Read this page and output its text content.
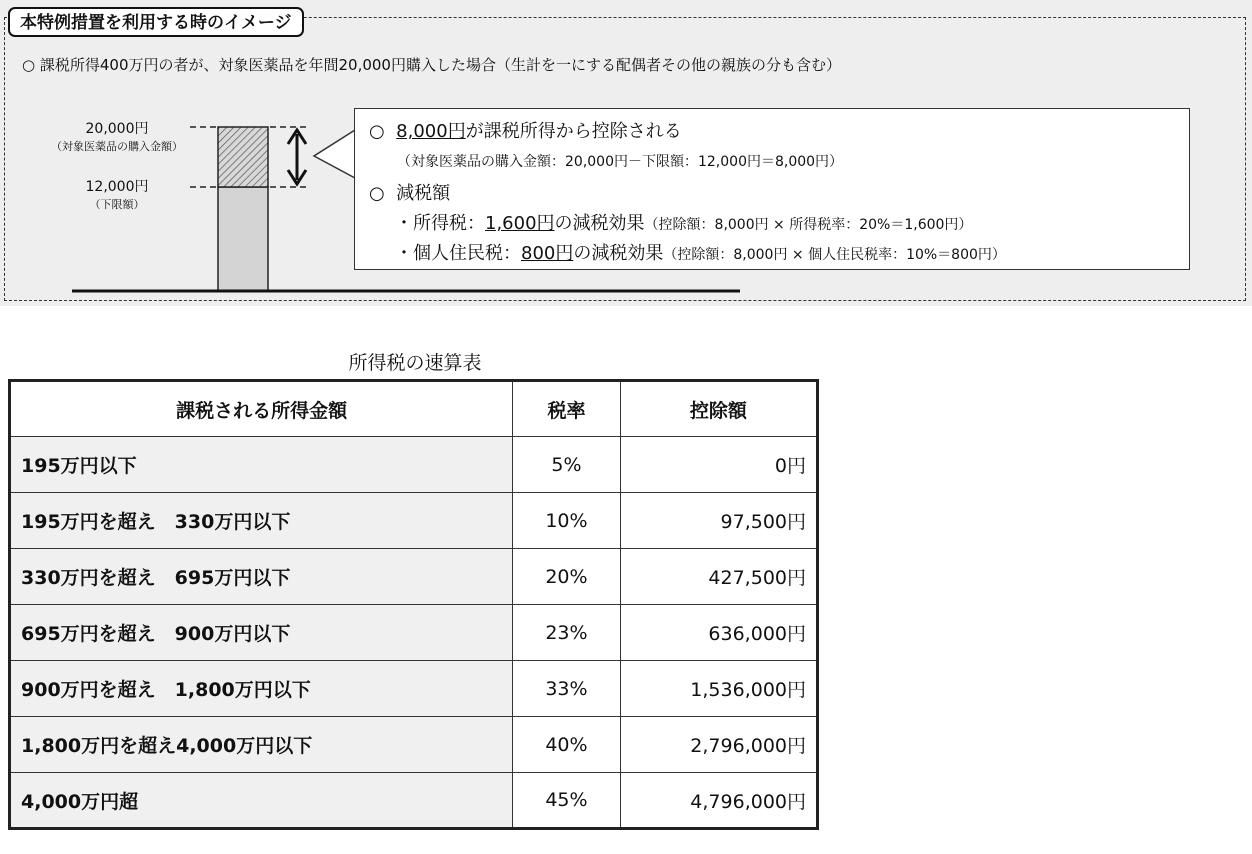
本特例措置を利用する時のイメージ
○ 課税所得400万円の者が、対象医薬品を年間20,000円購入した場合（生計を一にする配偶者その他の親族の分も含む）
20,000円
（対象医薬品の購入金額）
12,000円
（下限額）
○ 8,000円が課税所得から控除される
（対象医薬品の購入金額：20,000円－下限額：12,000円＝8,000円）
○ 減税額
・所得税：1,600円の減税効果（控除額：8,000円 × 所得税率：20%＝1,600円）
・個人住民税：800円の減税効果（控除額：8,000円 × 個人住民税率：10%＝800円）
所得税の速算表
課税される所得金額	税率	控除額
195万円以下	5%	0円
195万円を超え　330万円以下	10%	97,500円
330万円を超え　695万円以下	20%	427,500円
695万円を超え　900万円以下	23%	636,000円
900万円を超え　1,800万円以下	33%	1,536,000円
1,800万円を超え4,000万円以下	40%	2,796,000円
4,000万円超	45%	4,796,000円
